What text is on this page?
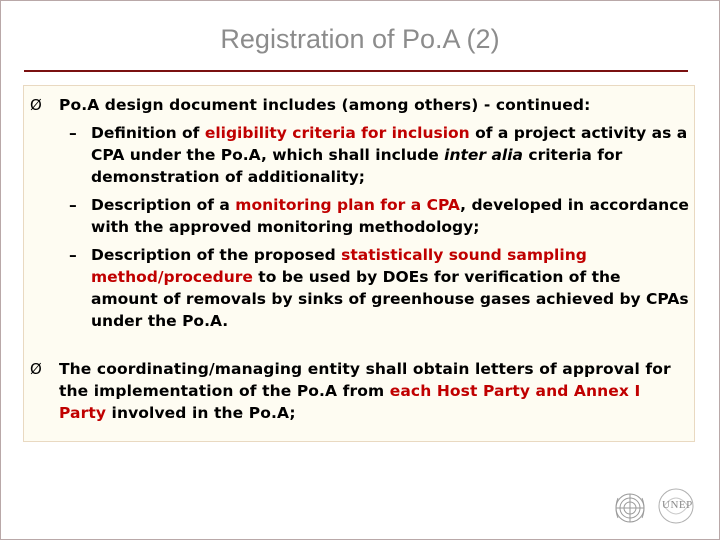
Registration of Po.A (2)
Ø	Po.A design document includes (among others) - continued:
– Definition of eligibility criteria for inclusion of a project activity as a CPA under the Po.A, which shall include inter alia criteria for demonstration of additionality;
– Description of a monitoring plan for a CPA, developed in accordance with the approved monitoring methodology;
– Description of the proposed statistically sound sampling method/procedure to be used by DOEs for verification of the amount of removals by sinks of greenhouse gases achieved by CPAs under the Po.A.
Ø	The coordinating/managing entity shall obtain letters of approval for the implementation of the Po.A from each Host Party and Annex I Party involved in the Po.A;
UNEP
